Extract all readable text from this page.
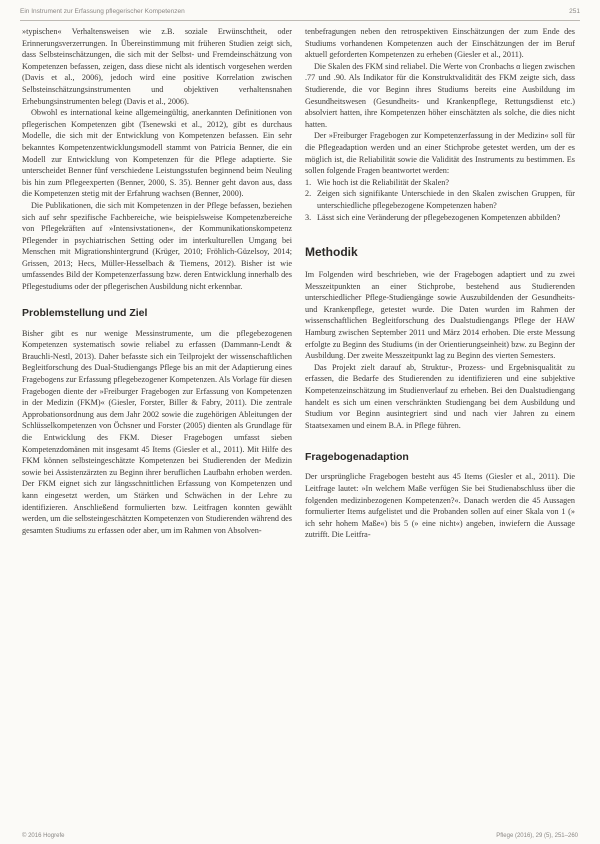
Ein Instrument zur Erfassung pflegerischer Kompetenzen	251

»typischen« Verhaltensweisen wie z.B. soziale Erwünschtheit, oder Erinnerungsverzerrungen. In Übereinstimmung mit früheren Studien zeigt sich, dass Selbsteinschätzungen, die sich mit der Selbst- und Fremdeinschätzung von Kompetenzen befassen, zeigen, dass diese nicht als identisch vorgesehen werden (Davis et al., 2006), jedoch wird eine positive Korrelation zwischen Selbsteinschätzungsinstrumenten und objektiven verhaltensnahen Erhebungsinstrumenten belegt (Davis et al., 2006).

Obwohl es international keine allgemeingültig, anerkannten Definitionen von pflegerischen Kompetenzen gibt (Tsenewski et al., 2012), gibt es durchaus Modelle, die sich mit der Entwicklung von Kompetenzen befassen. Ein sehr bekanntes Kompetenzentwicklungsmodell stammt von Patricia Benner, die ein Modell zur Entwicklung von Kompetenzen für die Pflege adaptierte. Sie unterscheidet Benner fünf verschiedene Leistungsstufen beginnend beim Neuling bis hin zum Pflegeexperten (Benner, 2000, S. 35). Benner geht davon aus, dass die Kompetenzen stetig mit der Erfahrung wachsen (Benner, 2000).

Die Publikationen, die sich mit Kompetenzen in der Pflege befassen, beziehen sich auf sehr spezifische Fachbereiche, wie beispielsweise Kompetenzbereiche von Pflegekräften auf »Intensivstationen«, der Kommunikationskompetenz Pflegender in psychiatrischen Setting oder im interkulturellen Umgang bei Menschen mit Migrationshintergrund (Krüger, 2010; Fröhlich-Güzelsoy, 2014; Grissen, 2013; Hecs, Müller-Hesselbach & Tiemens, 2012). Bisher ist wie umfassendes Bild der Kompetenzerfassung bzw. deren Entwicklung innerhalb des Pflegestudiums oder der pflegerischen Ausbildung nicht erkennbar.

Problemstellung und Ziel

Bisher gibt es nur wenige Messinstrumente, um die pflegebezogenen Kompetenzen systematisch sowie reliabel zu erfassen (Dammann-Lendt & Brauchli-Nestl, 2013). Daher befasste sich ein Teilprojekt der wissenschaftlichen Begleitforschung des Dual-Studiengangs Pflege bis an mit der Adaptierung eines Fragebogens zur Erfassung pflegebezogener Kompetenzen. Als Vorlage für diesen Fragebogen diente der »Freiburger Fragebogen zur Erfassung von Kompetenzen in der Medizin (FKM)« (Giesler, Forster, Biller & Fabry, 2011). Die zentrale Approbationsordnung aus dem Jahr 2002 sowie die zugehörigen Ableitungen der Schlüsselkompetenzen von Öchsner und Forster (2005) dienten als Grundlage für die Entwicklung des FKM. Dieser Fragebogen umfasst sieben Kompetenzdomänen mit insgesamt 45 Items (Giesler et al., 2011). Mit Hilfe des FKM können selbsteingeschätzte Kompetenzen bei Studierenden der Medizin sowie bei Assistenzärzten zu Beginn ihrer beruflichen Laufbahn erhoben werden. Der FKM eignet sich zur längsschnittlichen Erfassung von Kompetenzen und kann eingesetzt werden, um Stärken und Schwächen in der Lehre zu identifizieren. Anschließend formulierten bzw. Leitfragen konnten gewählt werden, um die selbsteingeschätzten Kompetenzen von Studierenden während des gesamten Studiums zu erfassen oder aber, um im Rahmen von Absolven-

tenbefragungen neben den retrospektiven Einschätzungen der zum Ende des Studiums vorhandenen Kompetenzen auch der Einschätzungen der im Beruf aktuell geforderten Kompetenzen zu erheben (Giesler et al., 2011).

Die Skalen des FKM sind reliabel. Die Werte von Cronbachs α liegen zwischen .77 und .90. Als Indikator für die Konstruktvalidität des FKM zeigte sich, dass Studierende, die vor Beginn ihres Studiums bereits eine Ausbildung im Gesundheitswesen (Gesundheits- und Krankenpflege, Rettungsdienst etc.) absolviert hatten, ihre Kompetenzen höher einschätzten als solche, die dies nicht hatten.

Der »Freiburger Fragebogen zur Kompetenzerfassung in der Medizin« soll für die Pflegeadaption werden und an einer Stichprobe getestet werden, um der es möglich ist, die Reliabilität sowie die Validität des Instruments zu bestimmen. Es sollen folgende Fragen beantwortet werden:

1. Wie hoch ist die Reliabilität der Skalen?
2. Zeigen sich signifikante Unterschiede in den Skalen zwischen Gruppen, für unterschiedliche pflegebezogene Kompetenzen haben?
3. Lässt sich eine Veränderung der pflegebezogenen Kompetenzen abbilden?
Methodik

Im Folgenden wird beschrieben, wie der Fragebogen adaptiert und zu zwei Messzeitpunkten an einer Stichprobe, bestehend aus Studierenden unterschiedlicher Pflege-Studiengänge sowie Auszubildenden der Gesundheits- und Krankenpflege, getestet wurde. Die Daten wurden im Rahmen der wissenschaftlichen Begleitforschung des Dualstudiengangs Pflege der HAW Hamburg zwischen September 2011 und März 2014 erhoben. Die erste Messung erfolgte zu Beginn des Studiums (in der Orientierungseinheit) bzw. zu Beginn der Ausbildung. Der zweite Messzeitpunkt lag zu Beginn des vierten Semesters.

Das Projekt zielt darauf ab, Struktur-, Prozess- und Ergebnisqualität zu erfassen, die Bedarfe des Studierenden zu identifizieren und eine subjektive Kompetenzeinschätzung im Studienverlauf zu erheben. Bei den Dualstudiengang handelt es sich um einen verschränkten Studiengang bei dem Ausbildung und Studium vor Beginn ausintegriert sind und nach vier Jahren zu einem Staatsexamen und einem B.A. in Pflege führen.

Fragebogenadaption

Der ursprüngliche Fragebogen besteht aus 45 Items (Giesler et al., 2011). Die Leitfrage lautet: »In welchem Maße verfügen Sie bei Studienabschluss über die folgenden medizinbezogenen Kompetenzen?«. Danach werden die 45 Aussagen formulierter Items aufgelistet und die Probanden sollen auf einer Skala von 1 (» ich sehr hohem Maße«) bis 5 (» eine nicht«) angeben, inwiefern die Aussage zutrifft. Die Leitfra-

© 2016 Hogrefe	Pflege (2016), 29 (5), 251–260
